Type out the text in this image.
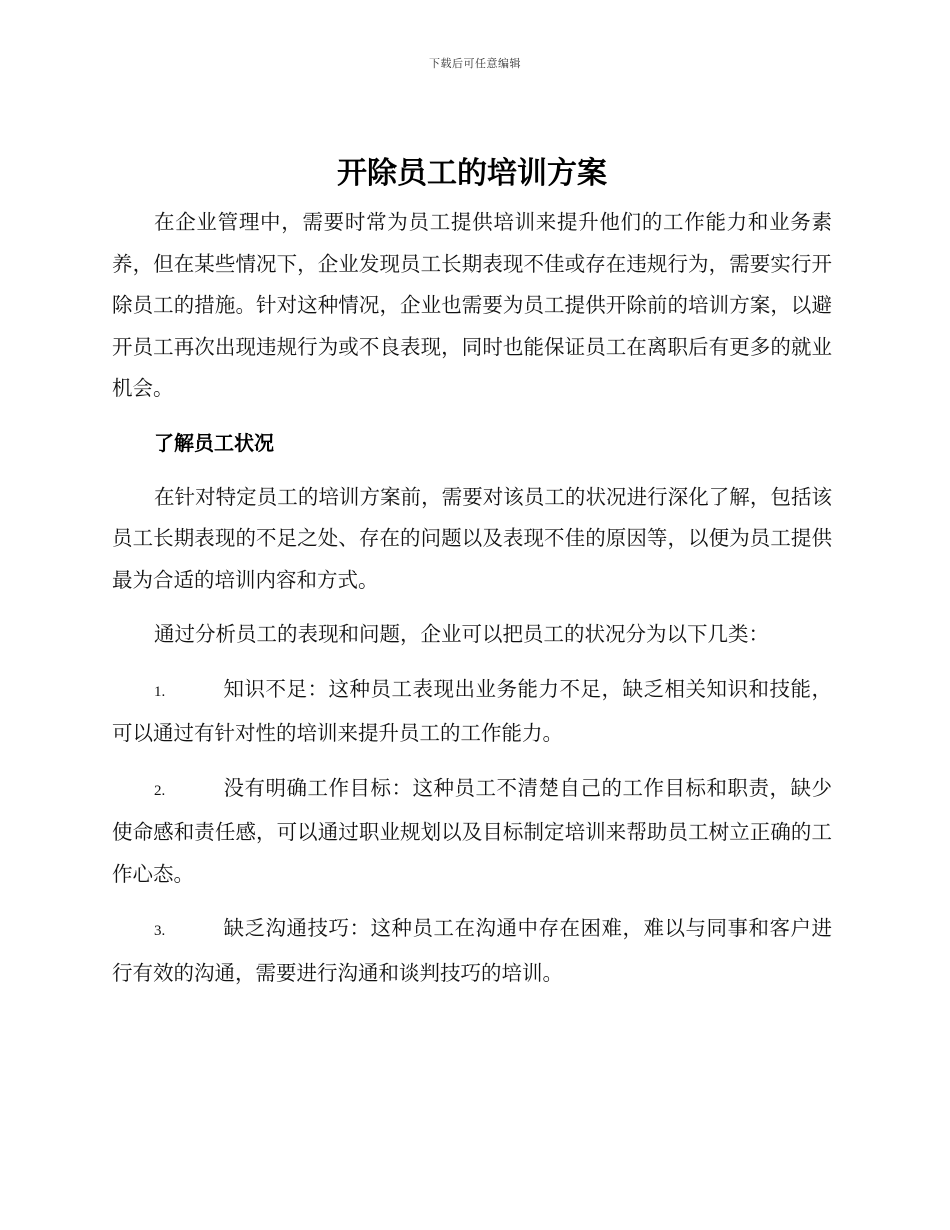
下载后可任意编辑
开除员工的培训方案

在企业管理中，需要时常为员工提供培训来提升他们的工作能力和业务素养，但在某些情况下，企业发现员工长期表现不佳或存在违规行为，需要实行开除员工的措施。针对这种情况，企业也需要为员工提供开除前的培训方案，以避开员工再次出现违规行为或不良表现，同时也能保证员工在离职后有更多的就业机会。

了解员工状况

在针对特定员工的培训方案前，需要对该员工的状况进行深化了解，包括该员工长期表现的不足之处、存在的问题以及表现不佳的原因等，以便为员工提供最为合适的培训内容和方式。

通过分析员工的表现和问题，企业可以把员工的状况分为以下几类：

1.	知识不足：这种员工表现出业务能力不足，缺乏相关知识和技能，可以通过有针对性的培训来提升员工的工作能力。

2.	没有明确工作目标：这种员工不清楚自己的工作目标和职责，缺少使命感和责任感，可以通过职业规划以及目标制定培训来帮助员工树立正确的工作心态。

3.	缺乏沟通技巧：这种员工在沟通中存在困难，难以与同事和客户进行有效的沟通，需要进行沟通和谈判技巧的培训。
